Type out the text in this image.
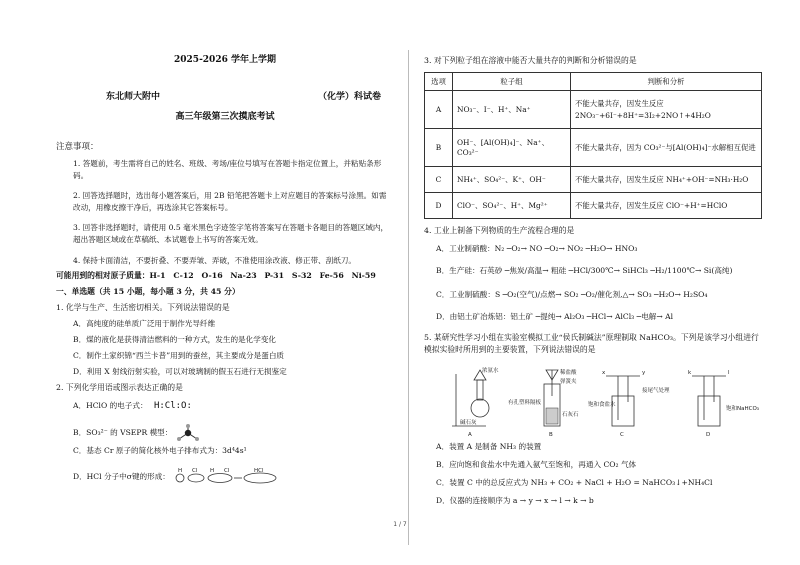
2025-2026 学年上学期
东北师大附中	（化学）科试卷
高三年级第三次摸底考试
注意事项：
1. 答题前，考生需将自己的姓名、班级、考场/座位号填写在答题卡指定位置上，并粘贴条形码。
2. 回答选择题时，选出每小题答案后，用 2B 铅笔把答题卡上对应题目的答案标号涂黑。如需改动，用橡皮擦干净后，再选涂其它答案标号。
3. 回答非选择题时，请使用 0.5 毫米黑色字迹签字笔将答案写在答题卡各题目的答题区域内，超出答题区域或在草稿纸、本试题卷上书写的答案无效。
4. 保持卡面清洁，不要折叠、不要弄皱、弄破，不准使用涂改液、修正带、刮纸刀。
可能用到的相对原子质量：H-1　C-12　O-16　Na-23　P-31　S-32　Fe-56　Ni-59
一、单选题（共 15 小题，每小题 3 分，共 45 分）
1. 化学与生产、生活密切相关。下列说法错误的是
A．高纯度的硅单质广泛用于制作光导纤维
B．煤的液化是获得清洁燃料的一种方式，发生的是化学变化
C．制作土家织锦“西兰卡普”用到的蚕丝，其主要成分是蛋白质
D．利用 X 射线衍射实验，可以对玻璃制的假玉石进行无损鉴定
2. 下列化学用语或图示表达正确的是
A．HClO 的电子式： H:Cl:O:
B．SO₃²⁻ 的 VSEPR 模型：
C．基态 Cr 原子的简化核外电子排布式为：3d⁴4s¹
D．HCl 分子中σ键的形成：
H Cl H Cl	HCl
3. 对下列粒子组在溶液中能否大量共存的判断和分析错误的是
选项	粒子组	判断和分析
A	NO₃⁻、I⁻、H⁺、Na⁺	不能大量共存，因发生反应
2NO₃⁻+6I⁻+8H⁺=3I₂+2NO↑+4H₂O

B	OH⁻、[Al(OH)₄]⁻、Na⁺、CO₃²⁻	不能大量共存，因为 CO₃²⁻与[Al(OH)₄]⁻水解相互促进
C	NH₄⁺、SO₄²⁻、K⁺、OH⁻	不能大量共存，因发生反应 NH₄⁺+OH⁻=NH₃·H₂O
D	ClO⁻、SO₄²⁻、H⁺、Mg²⁺	不能大量共存，因发生反应 ClO⁻+H⁺=HClO
4. 工业上制备下列物质的生产流程合理的是
A．工业制硝酸：N₂ ─O₂→ NO ─O₂→ NO₂ ─H₂O→ HNO₃
B．生产硅：石英砂 ─焦炭/高温→ 粗硅 ─HCl/300℃→ SiHCl₃ ─H₂/1100℃→ Si(高纯)
C．工业制硫酸：S ─O₂(空气)/点燃→ SO₂ ─O₂/催化剂,△→ SO₃ ─H₂O→ H₂SO₄
D．由铝土矿冶炼铝：铝土矿 ─提纯→ Al₂O₃ ─HCl→ AlCl₃ ─电解→ Al
5. 某研究性学习小组在实验室模拟工业“侯氏制碱法”原理制取 NaHCO₃。下列是该学习小组进行模拟实验时所用到的主要装置，下列说法错误的是
浓氨水
碱石灰
A
稀盐酸
弹簧夹
有孔塑料隔板
石灰石
B
饱和食盐水
接尾气处理
C
x	y
饱和NaHCO₃
D
k	l
A．装置 A 是制备 NH₃ 的装置
B．应向饱和食盐水中先通入氨气至饱和，再通入 CO₂ 气体
C．装置 C 中的总反应式为 NH₃ + CO₂ + NaCl + H₂O = NaHCO₃↓+NH₄Cl
D．仪器的连接顺序为 a → y → x → l → k → b
1 / 7
